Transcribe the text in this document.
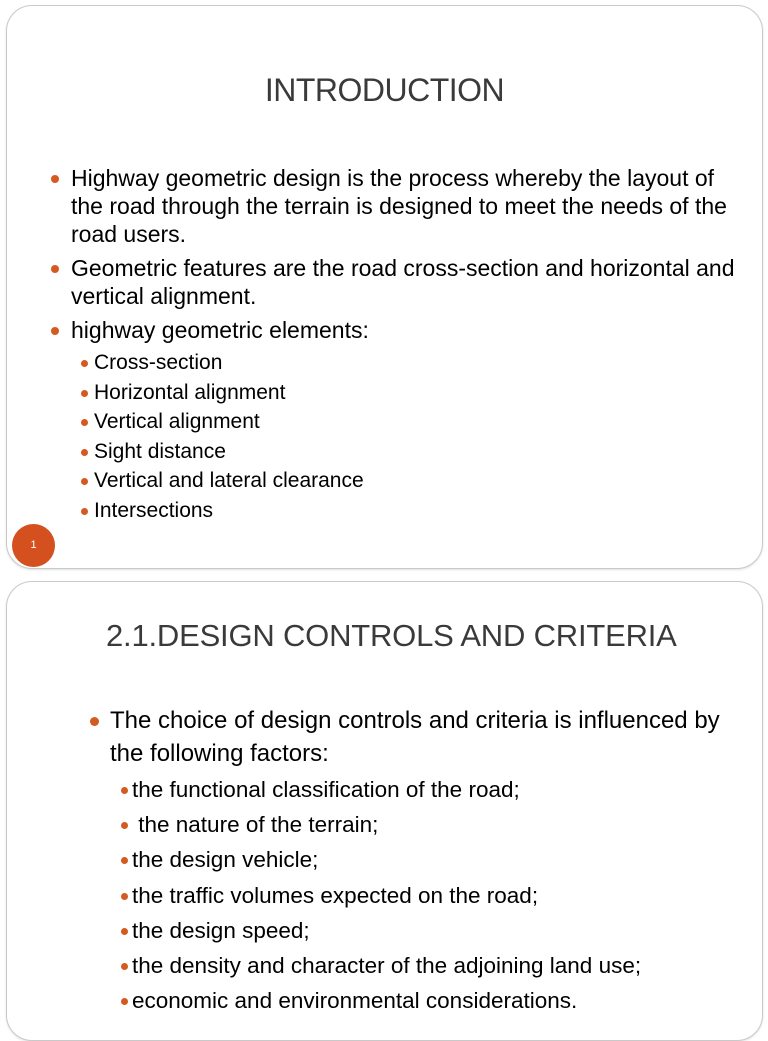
INTRODUCTION
Highway geometric design is the process whereby the layout of the road through the terrain is designed to meet the needs of the road users.
Geometric features are the road cross-section and horizontal and vertical alignment.
highway geometric elements:
Cross-section
Horizontal alignment
Vertical alignment
Sight distance
Vertical and lateral clearance
Intersections
1
2.1.DESIGN CONTROLS AND CRITERIA
The choice of design controls and criteria is influenced by the following factors:
the functional classification of the road;
the nature of the terrain;
the design vehicle;
the traffic volumes expected on the road;
the design speed;
the density and character of the adjoining land use;
economic and environmental considerations.
